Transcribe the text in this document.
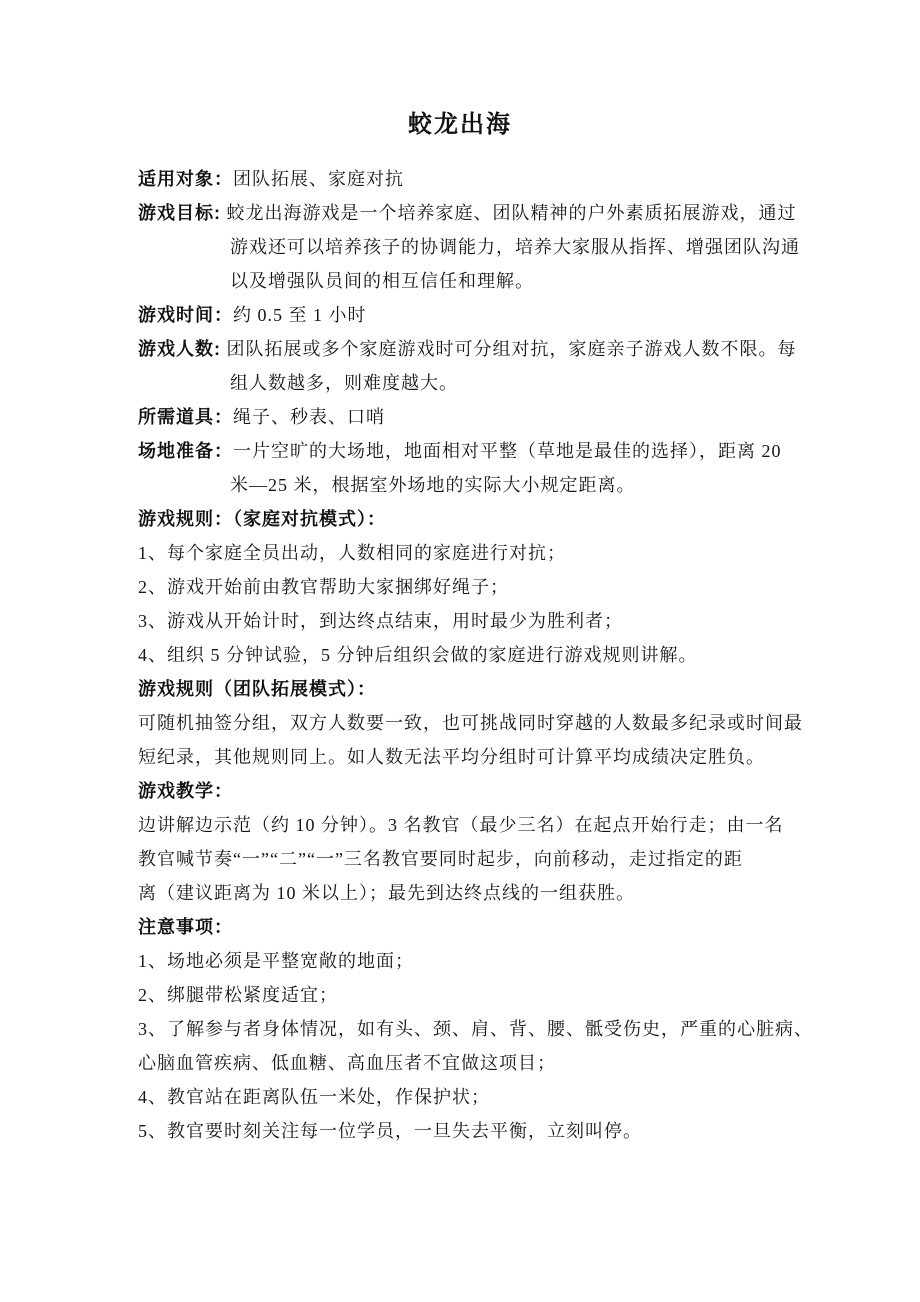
蛟龙出海
适用对象：团队拓展、家庭对抗
游戏目标: 蛟龙出海游戏是一个培养家庭、团队精神的户外素质拓展游戏，通过
游戏还可以培养孩子的协调能力，培养大家服从指挥、增强团队沟通
以及增强队员间的相互信任和理解。
游戏时间：约 0.5 至 1 小时
游戏人数: 团队拓展或多个家庭游戏时可分组对抗，家庭亲子游戏人数不限。每
组人数越多，则难度越大。
所需道具：绳子、秒表、口哨
场地准备：一片空旷的大场地，地面相对平整（草地是最佳的选择），距离 20
米—25 米，根据室外场地的实际大小规定距离。
游戏规则：（家庭对抗模式）：
1、每个家庭全员出动，人数相同的家庭进行对抗；
2、游戏开始前由教官帮助大家捆绑好绳子；
3、游戏从开始计时，到达终点结束，用时最少为胜利者；
4、组织 5 分钟试验，5 分钟后组织会做的家庭进行游戏规则讲解。
游戏规则（团队拓展模式）：
可随机抽签分组，双方人数要一致，也可挑战同时穿越的人数最多纪录或时间最
短纪录，其他规则同上。如人数无法平均分组时可计算平均成绩决定胜负。
游戏教学：
边讲解边示范（约 10 分钟）。3 名教官（最少三名）在起点开始行走；由一名
教官喊节奏“一”“二”“一”三名教官要同时起步，向前移动，走过指定的距
离（建议距离为 10 米以上）；最先到达终点线的一组获胜。
注意事项：
1、场地必须是平整宽敞的地面；
2、绑腿带松紧度适宜；
3、了解参与者身体情况，如有头、颈、肩、背、腰、骶受伤史，严重的心脏病、
心脑血管疾病、低血糖、高血压者不宜做这项目；
4、教官站在距离队伍一米处，作保护状；
5、教官要时刻关注每一位学员，一旦失去平衡，立刻叫停。
